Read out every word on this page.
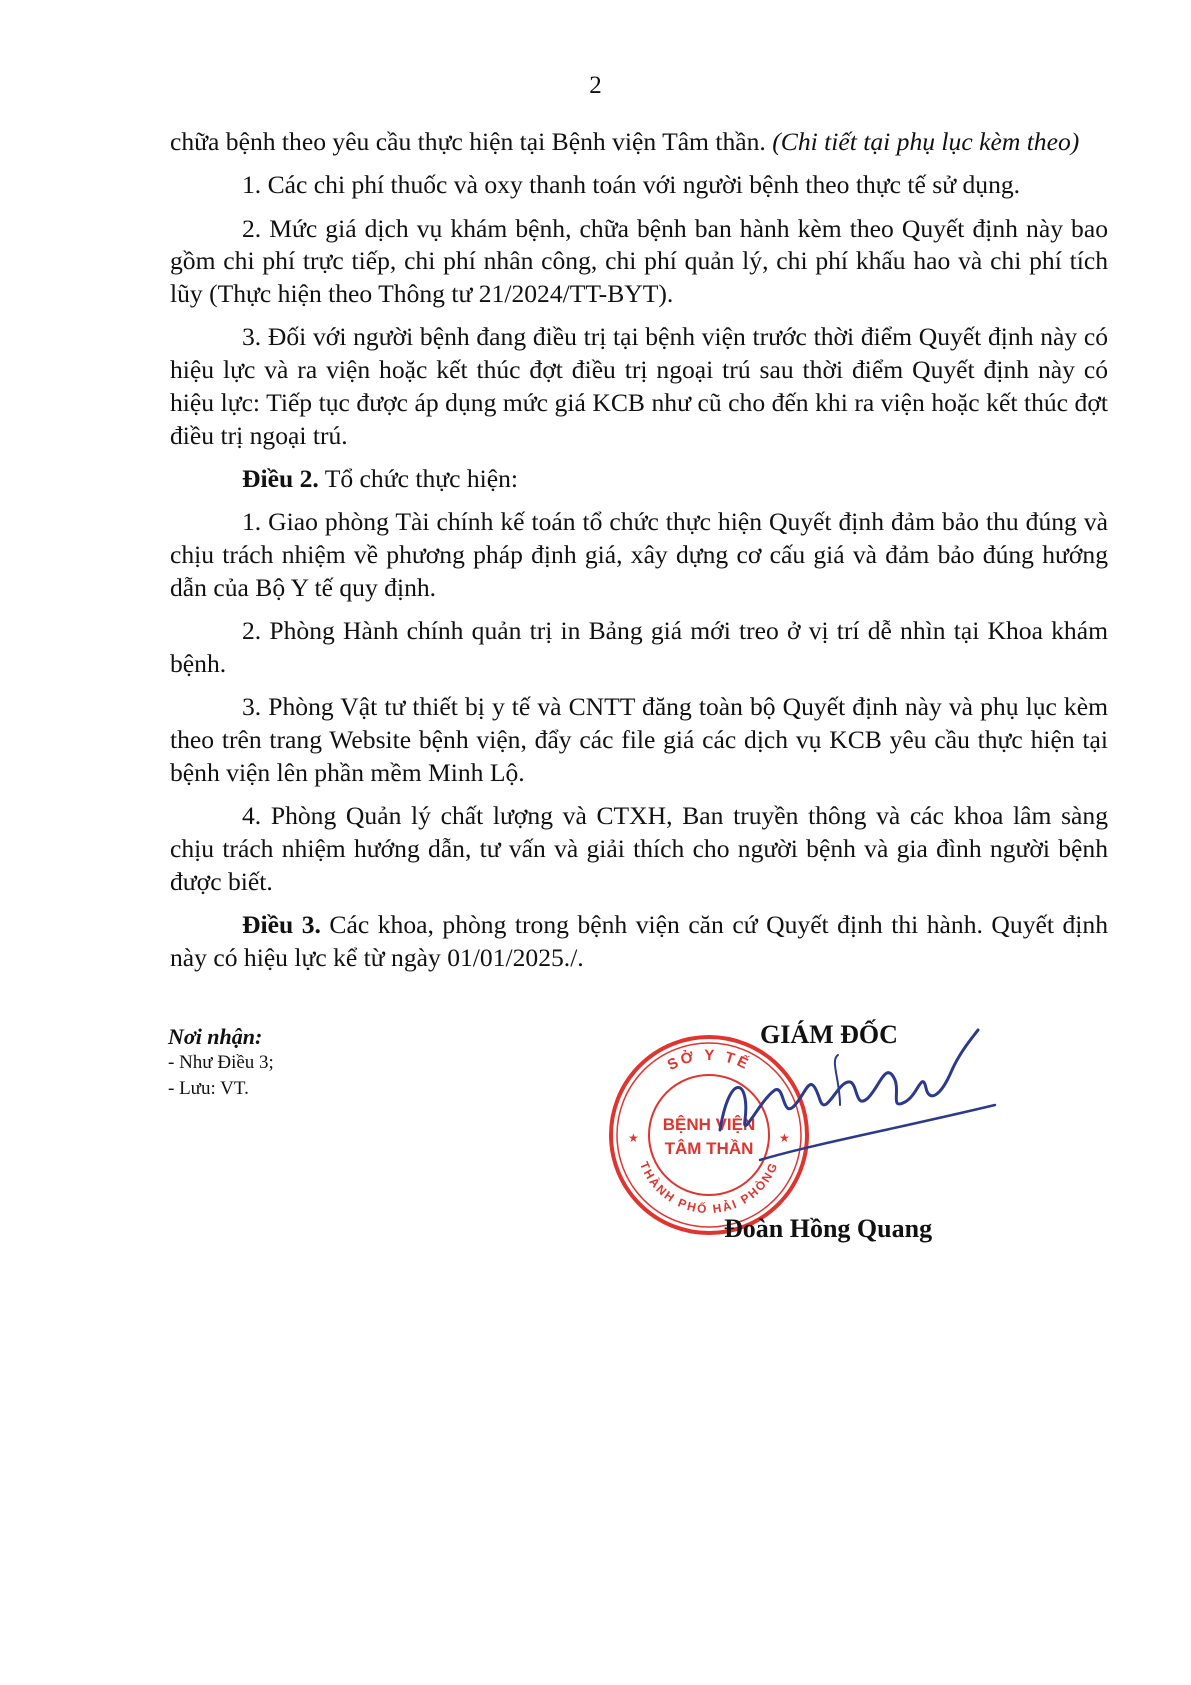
2

chữa bệnh theo yêu cầu thực hiện tại Bệnh viện Tâm thần. (Chi tiết tại phụ lục kèm theo)

1. Các chi phí thuốc và oxy thanh toán với người bệnh theo thực tế sử dụng.

2. Mức giá dịch vụ khám bệnh, chữa bệnh ban hành kèm theo Quyết định này bao gồm chi phí trực tiếp, chi phí nhân công, chi phí quản lý, chi phí khấu hao và chi phí tích lũy (Thực hiện theo Thông tư 21/2024/TT-BYT).

3. Đối với người bệnh đang điều trị tại bệnh viện trước thời điểm Quyết định này có hiệu lực và ra viện hoặc kết thúc đợt điều trị ngoại trú sau thời điểm Quyết định này có hiệu lực: Tiếp tục được áp dụng mức giá KCB như cũ cho đến khi ra viện hoặc kết thúc đợt điều trị ngoại trú.

Điều 2. Tổ chức thực hiện:

1. Giao phòng Tài chính kế toán tổ chức thực hiện Quyết định đảm bảo thu đúng và chịu trách nhiệm về phương pháp định giá, xây dựng cơ cấu giá và đảm bảo đúng hướng dẫn của Bộ Y tế quy định.

2. Phòng Hành chính quản trị in Bảng giá mới treo ở vị trí dễ nhìn tại Khoa khám bệnh.

3. Phòng Vật tư thiết bị y tế và CNTT đăng toàn bộ Quyết định này và phụ lục kèm theo trên trang Website bệnh viện, đẩy các file giá các dịch vụ KCB yêu cầu thực hiện tại bệnh viện lên phần mềm Minh Lộ.

4. Phòng Quản lý chất lượng và CTXH, Ban truyền thông và các khoa lâm sàng chịu trách nhiệm hướng dẫn, tư vấn và giải thích cho người bệnh và gia đình người bệnh được biết.

Điều 3. Các khoa, phòng trong bệnh viện căn cứ Quyết định thi hành. Quyết định này có hiệu lực kể từ ngày 01/01/2025./.

Nơi nhận:
- Như Điều 3;
- Lưu: VT.
SỞ Y TẾ
THÀNH PHỐ HẢI PHÒNG
BỆNH VIỆN
TÂM THẦN
★	★
GIÁM ĐỐC
Đoàn Hồng Quang
